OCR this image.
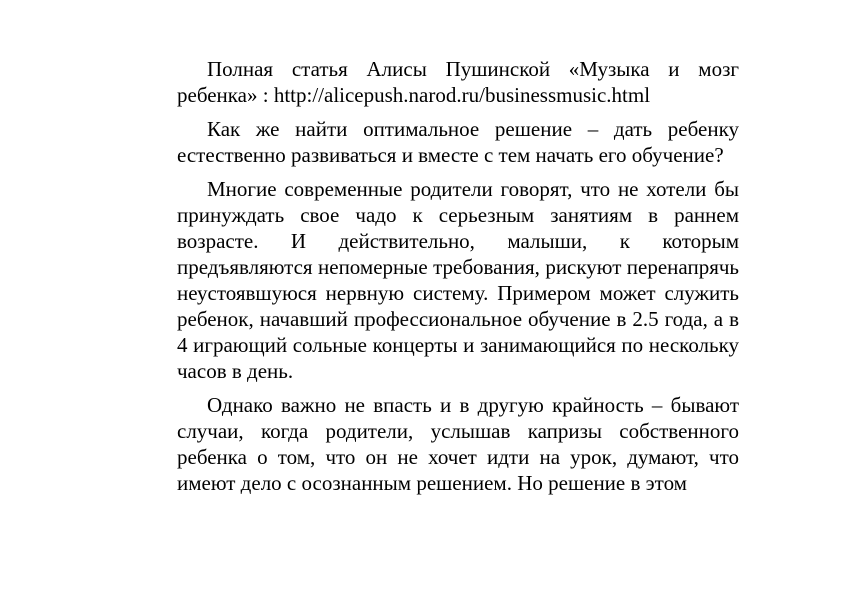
Полная статья Алисы Пушинской «Музыка и мозг ребенка» : http://alicepush.narod.ru/businessmusic.html

Как же найти оптимальное решение – дать ребенку естественно развиваться и вместе с тем начать его обучение?

Многие современные родители говорят, что не хотели бы принуждать свое чадо к серьезным занятиям в раннем возрасте. И действительно, малыши, к которым предъявляются непомерные требования, рискуют перенапрячь неустоявшуюся нервную систему. Примером может служить ребенок, начавший профессиональное обучение в 2.5 года, а в 4 играющий сольные концерты и занимающийся по нескольку часов в день.

Однако важно не впасть и в другую крайность – бывают случаи, когда родители, услышав капризы собственного ребенка о том, что он не хочет идти на урок, думают, что имеют дело с осознанным решением. Но решение в этом
